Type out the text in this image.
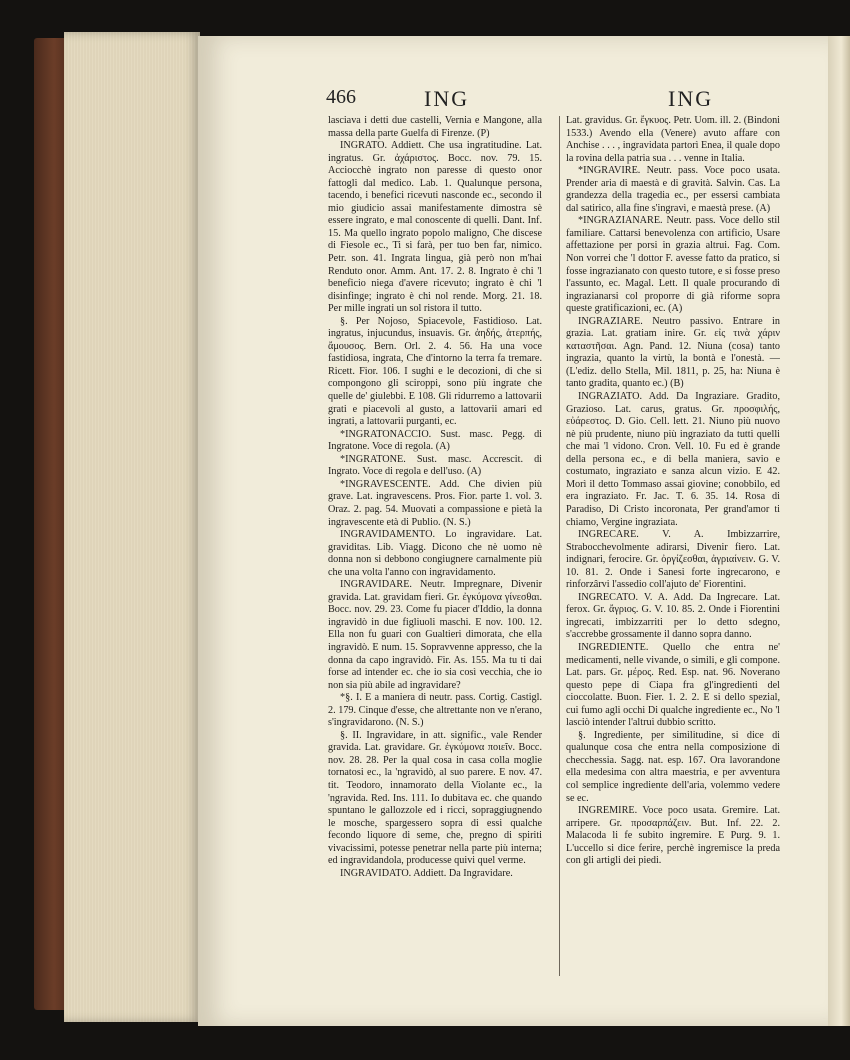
466	ING	ING

lasciava i detti due castelli, Vernia e Mangone, alla massa della parte Guelfa di Firenze. (P)

INGRATO. Addiett. Che usa ingratitudine. Lat. ingratus. Gr. ἀχάριστος. Bocc. nov. 79. 15. Acciocchè ingrato non paresse di questo onor fattogli dal medico. Lab. 1. Qualunque persona, tacendo, i benefici ricevuti nasconde ec., secondo il mio giudicio assai manifestamente dimostra sè essere ingrato, e mal conoscente di quelli. Dant. Inf. 15. Ma quello ingrato popolo maligno, Che discese di Fiesole ec., Ti si farà, per tuo ben far, nimico. Petr. son. 41. Ingrata lingua, già però non m'hai Renduto onor. Amm. Ant. 17. 2. 8. Ingrato è chi 'l beneficio niega d'avere ricevuto; ingrato è chi 'l disinfinge; ingrato è chi nol rende. Morg. 21. 18. Per mille ingrati un sol ristora il tutto.

§. Per Nojoso, Spiacevole, Fastidioso. Lat. ingratus, injucundus, insuavis. Gr. ἀηδής, ἀτερπής, ἄμουσος. Bern. Orl. 2. 4. 56. Ha una voce fastidiosa, ingrata, Che d'intorno la terra fa tremare. Ricett. Fior. 106. I sughi e le decozioni, di che si compongono gli sciroppi, sono più ingrate che quelle de' giulebbi. E 108. Gli ridurremo a lattovarii grati e piacevoli al gusto, a lattovarii amari ed ingrati, a lattovarii purganti, ec.

*INGRATONACCIO. Sust. masc. Pegg. di Ingratone. Voce di regola. (A)

*INGRATONE. Sust. masc. Accrescit. di Ingrato. Voce di regola e dell'uso. (A)

*INGRAVESCENTE. Add. Che divien più grave. Lat. ingravescens. Pros. Fior. parte 1. vol. 3. Oraz. 2. pag. 54. Muovati a compassione e pietà la ingravescente età di Publio. (N. S.)

INGRAVIDAMENTO. Lo ingravidare. Lat. graviditas. Lib. Viagg. Dicono che nè uomo nè donna non si debbono congiugnere carnalmente più che una volta l'anno con ingravidamento.

INGRAVIDARE. Neutr. Impregnare, Divenir gravida. Lat. gravidam fieri. Gr. ἐγκύμονα γίνεσθαι. Bocc. nov. 29. 23. Come fu piacer d'Iddio, la donna ingravidò in due figliuoli maschi. E nov. 100. 12. Ella non fu guari con Gualtieri dimorata, che ella ingravidò. E num. 15. Sopravvenne appresso, che la donna da capo ingravidò. Fir. As. 155. Ma tu ti dai forse ad intender ec. che io sia così vecchia, che io non sia più abile ad ingravidare?

*§. I. E a maniera di neutr. pass. Cortig. Castigl. 2. 179. Cinque d'esse, che altrettante non ve n'erano, s'ingravidarono. (N. S.)

§. II. Ingravidare, in att. signific., vale Render gravida. Lat. gravidare. Gr. ἐγκύμονα ποιεῖν. Bocc. nov. 28. 28. Per la qual cosa in casa colla moglie tornatosi ec., la 'ngravidò, al suo parere. E nov. 47. tit. Teodoro, innamorato della Violante ec., la 'ngravida. Red. Ins. 111. Io dubitava ec. che quando spuntano le gallozzole ed i ricci, sopraggiugnendo le mosche, spargessero sopra di essi qualche fecondo liquore di seme, che, pregno di spiriti vivacissimi, potesse penetrar nella parte più interna; ed ingravidandola, producesse quivi quel verme.

INGRAVIDATO. Addiett. Da Ingravidare.

Lat. gravidus. Gr. ἔγκυος. Petr. Uom. ill. 2. (Bindoni 1533.) Avendo ella (Venere) avuto affare con Anchise . . . , ingravidata partorì Enea, il quale dopo la rovina della patria sua . . . venne in Italia.

*INGRAVIRE. Neutr. pass. Voce poco usata. Prender aria di maestà e di gravità. Salvin. Cas. La grandezza della tragedia ec., per essersi cambiata dal satirico, alla fine s'ingravì, e maestà prese. (A)

*INGRAZIANARE. Neutr. pass. Voce dello stil familiare. Cattarsi benevolenza con artificio, Usare affettazione per porsi in grazia altrui. Fag. Com. Non vorrei che 'l dottor F. avesse fatto da pratico, si fosse ingrazianato con questo tutore, e si fosse preso l'assunto, ec. Magal. Lett. Il quale procurando di ingrazianarsi col proporre di già riforme sopra queste gratificazioni, ec. (A)

INGRAZIARE. Neutro passivo. Entrare in grazia. Lat. gratiam inire. Gr. εἰς τινὰ χάριν καταστῆσαι. Agn. Pand. 12. Niuna (cosa) tanto ingrazia, quanto la virtù, la bontà e l'onestà. — (L'ediz. dello Stella, Mil. 1811, p. 25, ha: Niuna è tanto gradita, quanto ec.) (B)

INGRAZIATO. Add. Da Ingraziare. Gradito, Grazioso. Lat. carus, gratus. Gr. προσφιλής, εὐάρεστος. D. Gio. Cell. lett. 21. Niuno più nuovo nè più prudente, niuno più ingraziato da tutti quelli che mai 'l vidono. Cron. Vell. 10. Fu ed è grande della persona ec., e di bella maniera, savio e costumato, ingraziato e sanza alcun vizio. E 42. Morì il detto Tommaso assai giovine; conobbilo, ed era ingraziato. Fr. Jac. T. 6. 35. 14. Rosa di Paradiso, Di Cristo incoronata, Per grand'amor ti chiamo, Vergine ingraziata.

INGRECARE. V. A. Imbizzarrire, Strabocchevolmente adirarsi, Divenir fiero. Lat. indignari, ferocire. Gr. ὀργίζεσθαι, ἀγριαίνειν. G. V. 10. 81. 2. Onde i Sanesi forte ingrecarono, e rinforzârvi l'assedio coll'ajuto de' Fiorentini.

INGRECATO. V. A. Add. Da Ingrecare. Lat. ferox. Gr. ἄγριος. G. V. 10. 85. 2. Onde i Fiorentini ingrecati, imbizzarriti per lo detto sdegno, s'accrebbe grossamente il danno sopra danno.

INGREDIENTE. Quello che entra ne' medicamenti, nelle vivande, o simili, e gli compone. Lat. pars. Gr. μέρος. Red. Esp. nat. 96. Noverano questo pepe di Ciapa fra gl'ingredienti del cioccolatte. Buon. Fier. 1. 2. 2. E si dello spezial, cui fumo agli occhi Di qualche ingrediente ec., No 'l lasciò intender l'altrui dubbio scritto.

§. Ingrediente, per similitudine, si dice di qualunque cosa che entra nella composizione di checchessia. Sagg. nat. esp. 167. Ora lavorandone ella medesima con altra maestria, e per avventura col semplice ingrediente dell'aria, volemmo vedere se ec.

INGREMIRE. Voce poco usata. Gremire. Lat. arripere. Gr. προσαρπάζειν. But. Inf. 22. 2. Malacoda li fe subito ingremire. E Purg. 9. 1. L'uccello si dice ferire, perchè ingremisce la preda con gli artigli dei piedi.
